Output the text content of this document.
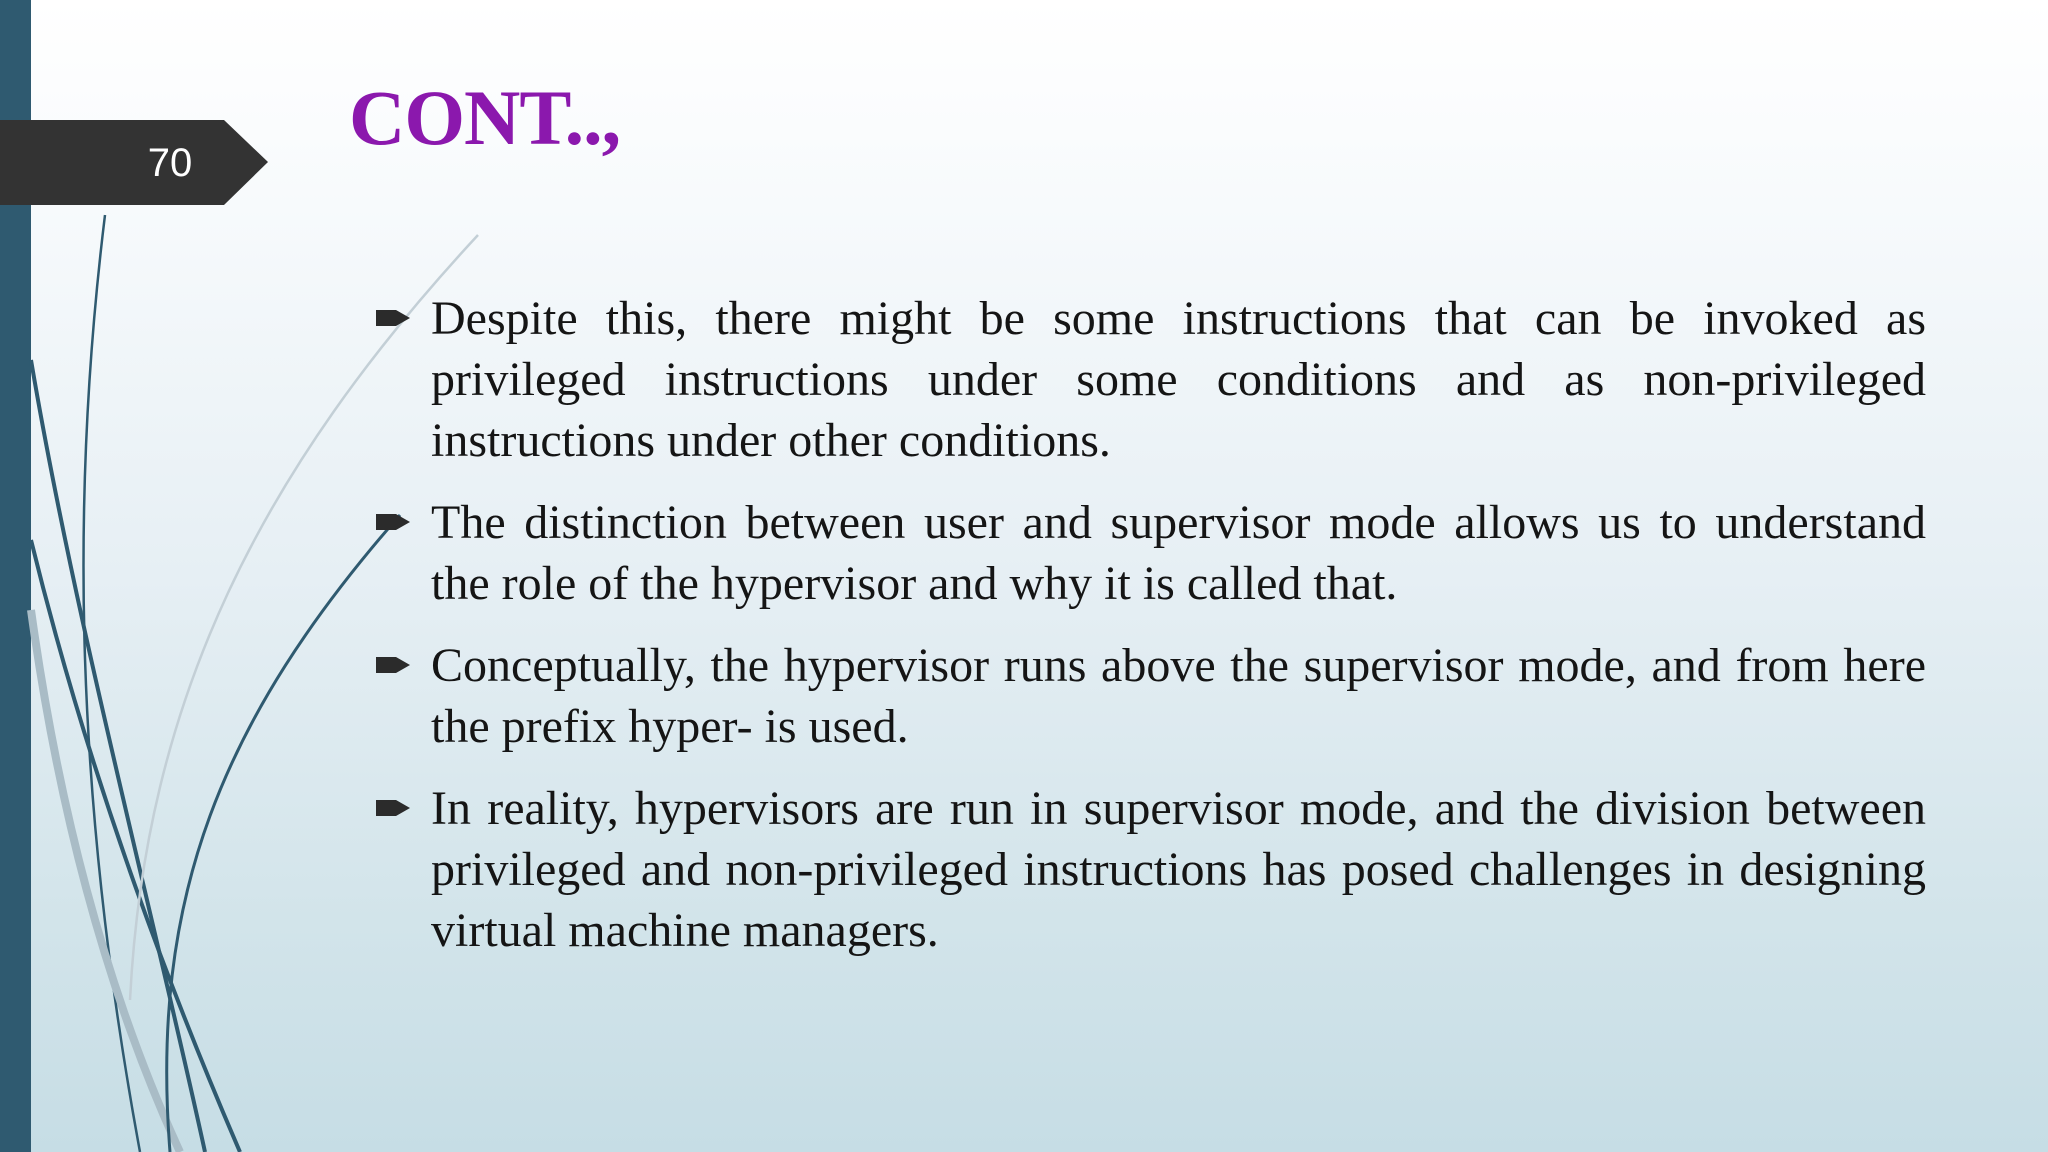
70
CONT..,
Despite this, there might be some instructions that can be invoked as privileged instructions under some conditions and as non-privileged instructions under other conditions.
The distinction between user and supervisor mode allows us to understand the role of the hypervisor and why it is called that.
Conceptually, the hypervisor runs above the supervisor mode, and from here the prefix hyper- is used.
In reality, hypervisors are run in supervisor mode, and the division between privileged and non-privileged instructions has posed challenges in designing virtual machine managers.
